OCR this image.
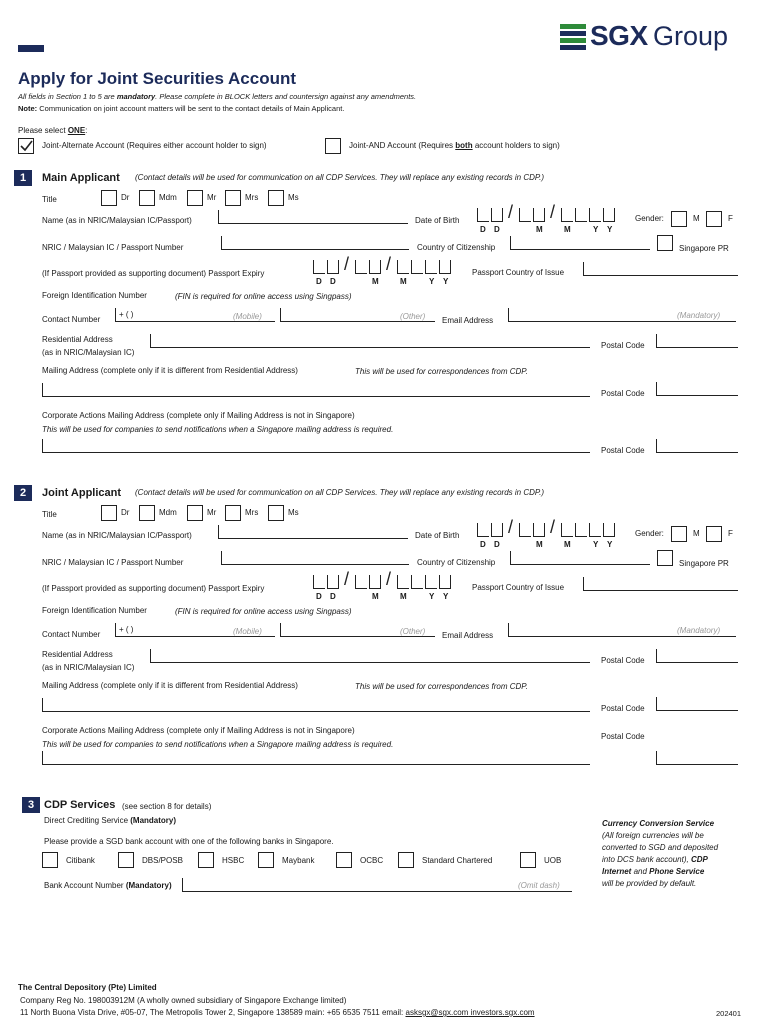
SGX Group
Apply for Joint Securities Account
All fields in Section 1 to 5 are mandatory. Please complete in BLOCK letters and countersign against any amendments.
Note: Communication on joint account matters will be sent to the contact details of Main Applicant.
Please select ONE:
Joint-Alternate Account (Requires either account holder to sign)	Joint-AND Account (Requires both account holders to sign)
1	Main Applicant (Contact details will be used for communication on all CDP Services. They will replace any existing records in CDP.)
Title	Dr	Mdm	Mr	Mrs	Ms
Name (as in NRIC/Malaysian IC/Passport)	Date of Birth	/ /
D D	M	M	Y Y
Gender:	M	F
NRIC / Malaysian IC / Passport Number	Country of Citizenship	Singapore PR
(If Passport provided as supporting document) Passport Expiry	/ /
D D	M	M	Y Y
Passport Country of Issue
Foreign Identification Number	(FIN is required for online access using Singpass)
Contact Number
+ ( )	(Mobile)	(Other) Email Address
(Mandatory)
Residential Address
(as in NRIC/Malaysian IC)
Postal Code
Mailing Address (complete only if it is different from Residential Address)	This will be used for correspondences from CDP.
Postal Code
Corporate Actions Mailing Address (complete only if Mailing Address is not in Singapore)
This will be used for companies to send notifications when a Singapore mailing address is required.
Postal Code
2	Joint Applicant (Contact details will be used for communication on all CDP Services. They will replace any existing records in CDP.)
Title	Dr	Mdm	Mr	Mrs	Ms
Name (as in NRIC/Malaysian IC/Passport)	Date of Birth	/ /
D D	M	M	Y Y
Gender:	M	F
NRIC / Malaysian IC / Passport Number	Country of Citizenship	Singapore PR
(If Passport provided as supporting document) Passport Expiry	/ /
D D	M	M	Y Y
Passport Country of Issue
Foreign Identification Number	(FIN is required for online access using Singpass)
Contact Number
+ ( )	(Mobile)	(Other) Email Address
(Mandatory)
Residential Address
(as in NRIC/Malaysian IC)
Postal Code
Mailing Address (complete only if it is different from Residential Address)	This will be used for correspondences from CDP.
Postal Code
Corporate Actions Mailing Address (complete only if Mailing Address is not in Singapore)
This will be used for companies to send notifications when a Singapore mailing address is required.
Postal Code
3 CDP Services (see section 8 for details)
Direct Crediting Service (Mandatory)
Please provide a SGD bank account with one of the following banks in Singapore.
Citibank	DBS/POSB	HSBC	Maybank	OCBC	Standard Chartered	UOB
Bank Account Number (Mandatory)	(Omit dash)
Currency Conversion Service
(All foreign currencies will be
converted to SGD and deposited
into DCS bank account), CDP
Internet and Phone Service
will be provided by default.
The Central Depository (Pte) Limited
Company Reg No. 198003912M (A wholly owned subsidiary of Singapore Exchange limited)
11 North Buona Vista Drive, #05-07, The Metropolis Tower 2, Singapore 138589 main: +65 6535 7511 email: asksgx@sgx.com investors.sgx.com	202401
